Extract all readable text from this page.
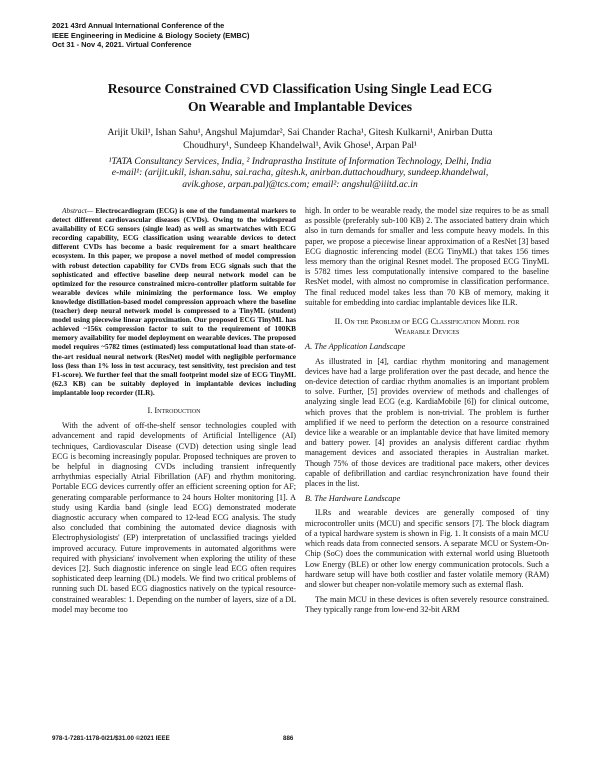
2021 43rd Annual International Conference of the
IEEE Engineering in Medicine & Biology Society (EMBC)
Oct 31 - Nov 4, 2021. Virtual Conference
Resource Constrained CVD Classification Using Single Lead ECG
On Wearable and Implantable Devices
Arijit Ukil¹, Ishan Sahu¹, Angshul Majumdar², Sai Chander Racha¹, Gitesh Kulkarni¹, Anirban Dutta
Choudhury¹, Sundeep Khandelwal¹, Avik Ghose¹, Arpan Pal¹
¹TATA Consultancy Services, India, ² Indraprastha Institute of Information Technology, Delhi, India
e-mail¹: (arijit.ukil, ishan.sahu, sai.racha, gitesh.k, anirban.duttachoudhury, sundeep.khandelwal,
avik.ghose, arpan.pal)@tcs.com; email²: angshul@iiitd.ac.in

Abstract— Electrocardiogram (ECG) is one of the fundamental markers to detect different cardiovascular diseases (CVDs). Owing to the widespread availability of ECG sensors (single lead) as well as smartwatches with ECG recording capability, ECG classification using wearable devices to detect different CVDs has become a basic requirement for a smart healthcare ecosystem. In this paper, we propose a novel method of model compression with robust detection capability for CVDs from ECG signals such that the sophisticated and effective baseline deep neural network model can be optimized for the resource constrained micro-controller platform suitable for wearable devices while minimizing the performance loss. We employ knowledge distillation-based model compression approach where the baseline (teacher) deep neural network model is compressed to a TinyML (student) model using piecewise linear approximation. Our proposed ECG TinyML has achieved ~156x compression factor to suit to the requirement of 100KB memory availability for model deployment on wearable devices. The proposed model requires ~5782 times (estimated) less computational load than state-of-the-art residual neural network (ResNet) model with negligible performance loss (less than 1% loss in test accuracy, test sensitivity, test precision and test F1-score). We further feel that the small footprint model size of ECG TinyML (62.3 KB) can be suitably deployed in implantable devices including implantable loop recorder (ILR).

I. Introduction

With the advent of off-the-shelf sensor technologies coupled with advancement and rapid developments of Artificial Intelligence (AI) techniques, Cardiovascular Disease (CVD) detection using single lead ECG is becoming increasingly popular. Proposed techniques are proven to be helpful in diagnosing CVDs including transient infrequently arrhythmias especially Atrial Fibrillation (AF) and rhythm monitoring. Portable ECG devices currently offer an efficient screening option for AF; generating comparable performance to 24 hours Holter monitoring [1]. A study using Kardia band (single lead ECG) demonstrated moderate diagnostic accuracy when compared to 12-lead ECG analysis. The study also concluded that combining the automated device diagnosis with Electrophysiologists' (EP) interpretation of unclassified tracings yielded improved accuracy. Future improvements in automated algorithms were required with physicians' involvement when exploring the utility of these devices [2]. Such diagnostic inference on single lead ECG often requires sophisticated deep learning (DL) models. We find two critical problems of running such DL based ECG diagnostics natively on the typical resource-constrained wearables: 1. Depending on the number of layers, size of a DL model may become too

high. In order to be wearable ready, the model size requires to be as small as possible (preferably sub-100 KB) 2. The associated battery drain which also in turn demands for smaller and less compute heavy models. In this paper, we propose a piecewise linear approximation of a ResNet [3] based ECG diagnostic inferencing model (ECG TinyML) that takes 156 times less memory than the original Resnet model. The proposed ECG TinyML is 5782 times less computationally intensive compared to the baseline ResNet model, with almost no compromise in classification performance. The final reduced model takes less than 70 KB of memory, making it suitable for embedding into cardiac implantable devices like ILR.

II. On the Problem of ECG Classification Model for
Wearable Devices
A. The Application Landscape

As illustrated in [4], cardiac rhythm monitoring and management devices have had a large proliferation over the past decade, and hence the on-device detection of cardiac rhythm anomalies is an important problem to solve. Further, [5] provides overview of methods and challenges of analyzing single lead ECG (e.g. KardiaMobile [6]) for clinical outcome, which proves that the problem is non-trivial. The problem is further amplified if we need to perform the detection on a resource constrained device like a wearable or an implantable device that have limited memory and battery power. [4] provides an analysis different cardiac rhythm management devices and associated therapies in Australian market. Though 75% of those devices are traditional pace makers, other devices capable of defibrillation and cardiac resynchronization have found their places in the list.

B. The Hardware Landscape

ILRs and wearable devices are generally composed of tiny microcontroller units (MCU) and specific sensors [7]. The block diagram of a typical hardware system is shown in Fig. 1. It consists of a main MCU which reads data from connected sensors. A separate MCU or System-On-Chip (SoC) does the communication with external world using Bluetooth Low Energy (BLE) or other low energy communication protocols. Such a hardware setup will have both costlier and faster volatile memory (RAM) and slower but cheaper non-volatile memory such as external flash.

The main MCU in these devices is often severely resource constrained. They typically range from low-end 32-bit ARM

978-1-7281-1178-0/21/$31.00 ©2021 IEEE	886
